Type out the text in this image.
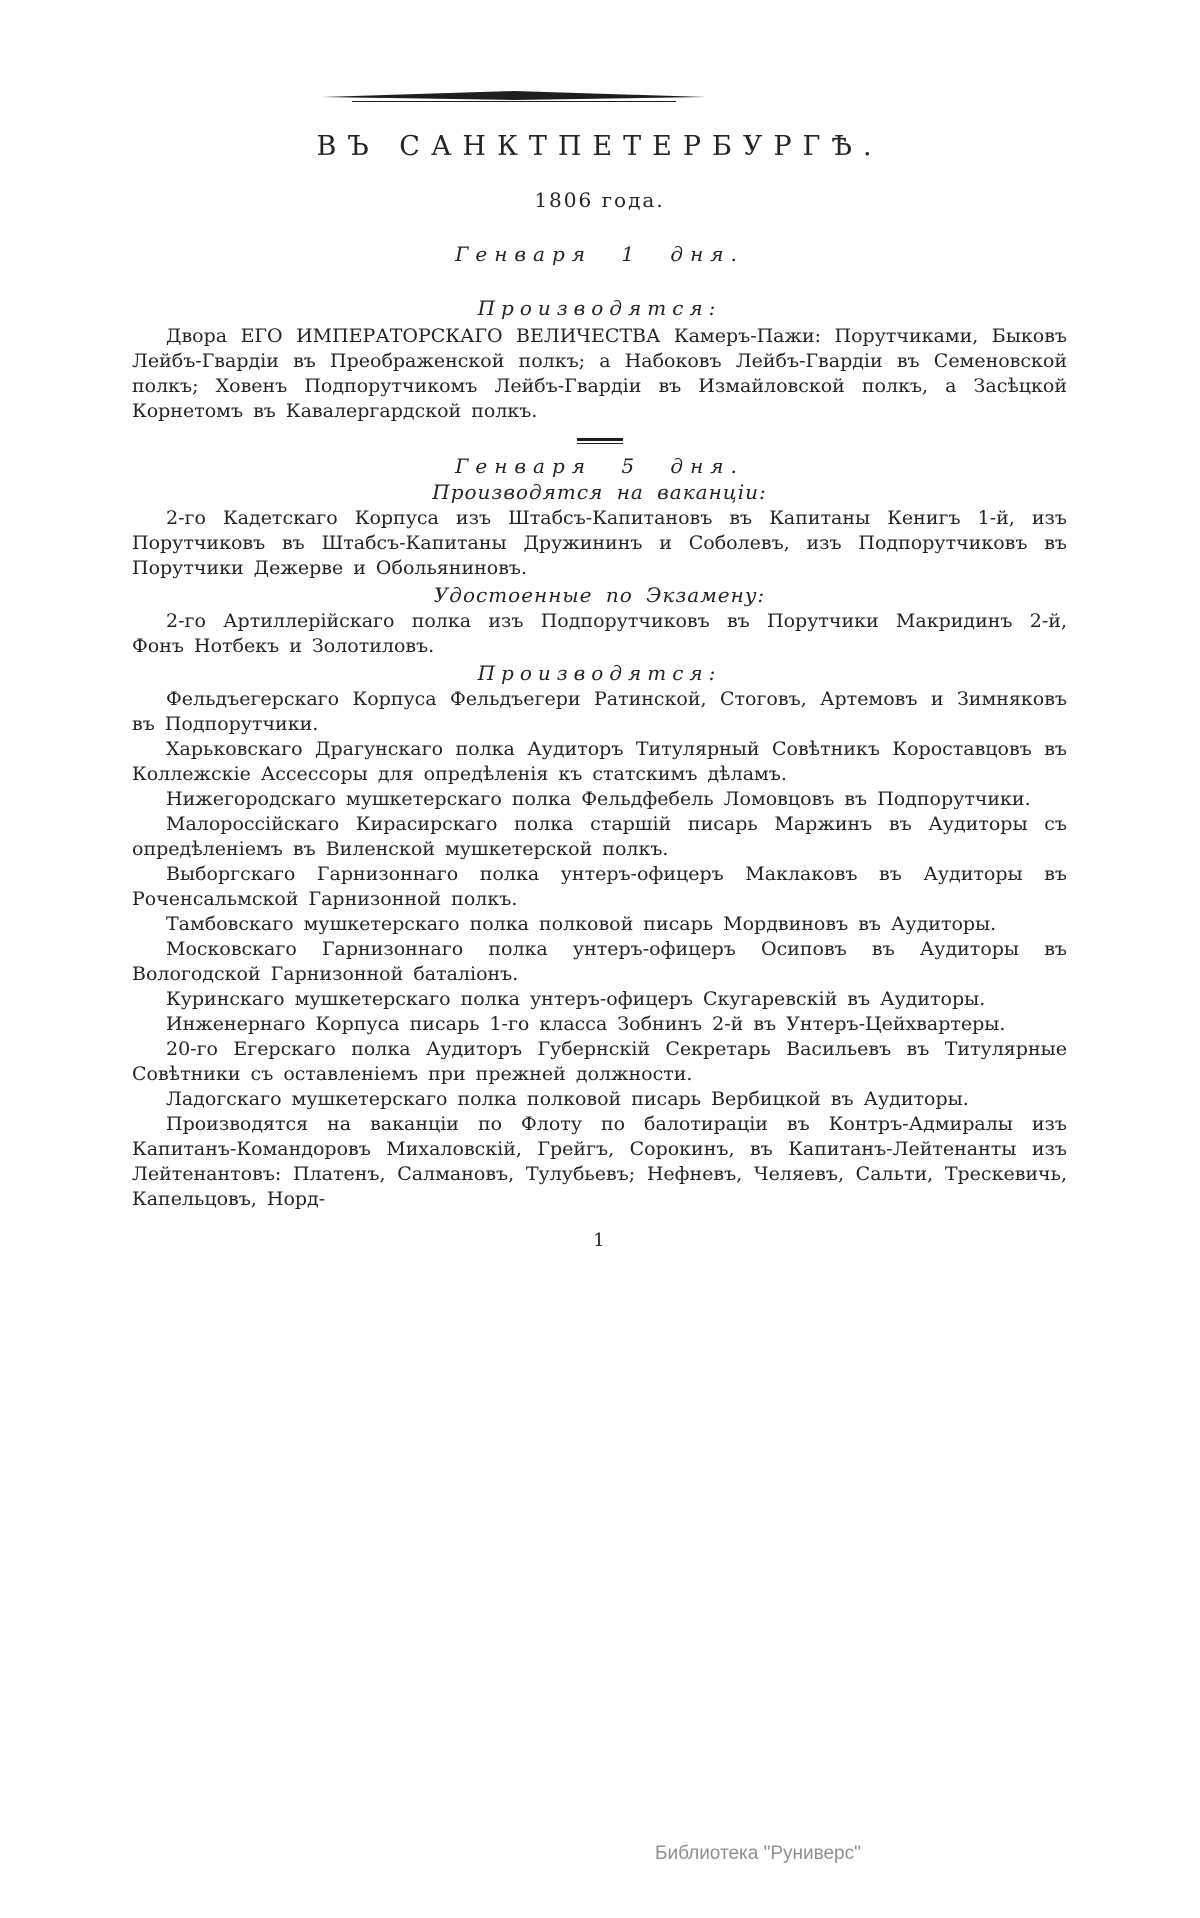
ВЪ САНКТПЕТЕРБУРГѢ.
1806 года.
Генваря 1 дня.
Производятся:

Двора ЕГО ИМПЕРАТОРСКАГО ВЕЛИЧЕСТВА Камеръ-Пажи: Порутчиками, Быковъ Лейбъ-Гвардіи въ Преображенской полкъ; а Набоковъ Лейбъ-Гвардіи въ Семеновской полкъ; Ховенъ Подпорутчикомъ Лейбъ-Гвардіи въ Измайловской полкъ, а Засѣцкой Корнетомъ въ Кавалергардской полкъ.

Генваря 5 дня.
Производятся на ваканціи:

2-го Кадетскаго Корпуса изъ Штабсъ-Капитановъ въ Капитаны Кенигъ 1-й, изъ Порутчиковъ въ Штабсъ-Капитаны Дружининъ и Соболевъ, изъ Подпорутчиковъ въ Порутчики Дежерве и Обольяниновъ.

Удостоенные по Экзамену:

2-го Артиллерійскаго полка изъ Подпорутчиковъ въ Порутчики Макридинъ 2-й, Фонъ Нотбекъ и Золотиловъ.

Производятся:

Фельдъегерскаго Корпуса Фельдъегери Ратинской, Стоговъ, Артемовъ и Зимняковъ въ Подпорутчики.

Харьковскаго Драгунскаго полка Аудиторъ Титулярный Совѣтникъ Короставцовъ въ Коллежскіе Ассессоры для опредѣленія къ статскимъ дѣламъ.

Нижегородскаго мушкетерскаго полка Фельдфебель Ломовцовъ въ Подпорутчики.

Малороссійскаго Кирасирскаго полка старшій писарь Маржинъ въ Аудиторы съ опредѣленіемъ въ Виленской мушкетерской полкъ.

Выборгскаго Гарнизоннаго полка унтеръ-офицеръ Маклаковъ въ Аудиторы въ Роченсальмской Гарнизонной полкъ.

Тамбовскаго мушкетерскаго полка полковой писарь Мордвиновъ въ Аудиторы.

Московскаго Гарнизоннаго полка унтеръ-офицеръ Осиповъ въ Аудиторы въ Вологодской Гарнизонной баталіонъ.

Куринскаго мушкетерскаго полка унтеръ-офицеръ Скугаревскій въ Аудиторы.

Инженернаго Корпуса писарь 1-го класса Зобнинъ 2-й въ Унтеръ-Цейхвартеры.

20-го Егерскаго полка Аудиторъ Губернскій Секретарь Васильевъ въ Титулярные Совѣтники съ оставленіемъ при прежней должности.

Ладогскаго мушкетерскаго полка полковой писарь Вербицкой въ Аудиторы.

Производятся на ваканціи по Флоту по балотираціи въ Контръ-Адмиралы изъ Капитанъ-Командоровъ Михаловскій, Грейгъ, Сорокинъ, въ Капитанъ-Лейтенанты изъ Лейтенантовъ: Платенъ, Салмановъ, Тулубьевъ; Нефневъ, Челяевъ, Сальти, Трескевичь, Капельцовъ, Норд-

1
Библиотека "Руниверс"
